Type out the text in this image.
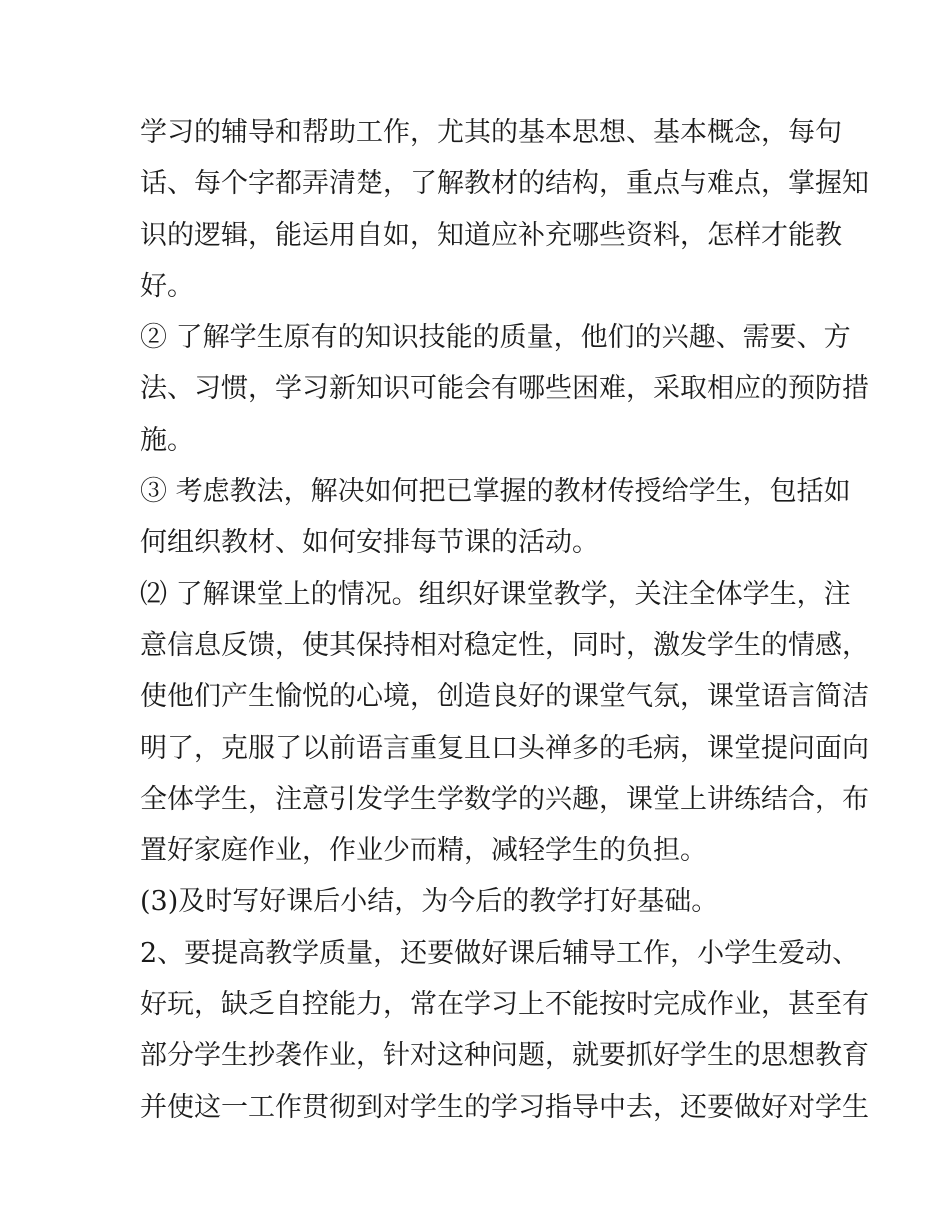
学习的辅导和帮助工作，尤其的基本思想、基本概念，每句
话、每个字都弄清楚，了解教材的结构，重点与难点，掌握知
识的逻辑，能运用自如，知道应补充哪些资料，怎样才能教
好。
② 了解学生原有的知识技能的质量，他们的兴趣、需要、方
法、习惯，学习新知识可能会有哪些困难，采取相应的预防措
施。
③ 考虑教法，解决如何把已掌握的教材传授给学生，包括如
何组织教材、如何安排每节课的活动。
⑵ 了解课堂上的情况。组织好课堂教学，关注全体学生，注
意信息反馈，使其保持相对稳定性，同时，激发学生的情感，
使他们产生愉悦的心境，创造良好的课堂气氛，课堂语言简洁
明了，克服了以前语言重复且口头禅多的毛病，课堂提问面向
全体学生，注意引发学生学数学的兴趣，课堂上讲练结合，布
置好家庭作业，作业少而精，减轻学生的负担。
(3)及时写好课后小结，为今后的教学打好基础。
2、要提高教学质量，还要做好课后辅导工作，小学生爱动、
好玩，缺乏自控能力，常在学习上不能按时完成作业，甚至有
部分学生抄袭作业，针对这种问题，就要抓好学生的思想教育
并使这一工作贯彻到对学生的学习指导中去，还要做好对学生
